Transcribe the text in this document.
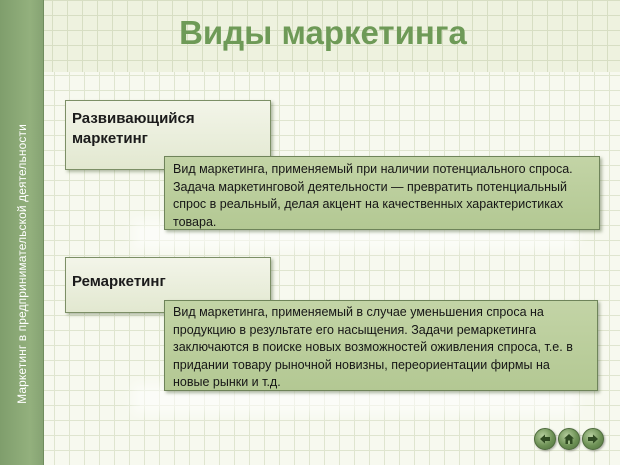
Маркетинг в предпринимательской деятельности
Виды маркетинга
Развивающийся маркетинг
Вид маркетинга, применяемый при наличии потенциального спроса. Задача маркетинговой деятельности — превратить потенциальный спрос в реальный, делая акцент на качественных характеристиках товара.
Ремаркетинг
Вид маркетинга, применяемый в случае уменьшения спроса на продукцию в результате его насыщения. Задачи ремаркетинга заключаются в поиске новых возможностей оживления спроса, т.е. в придании товару рыночной новизны, переориентации фирмы на новые рынки и т.д.
